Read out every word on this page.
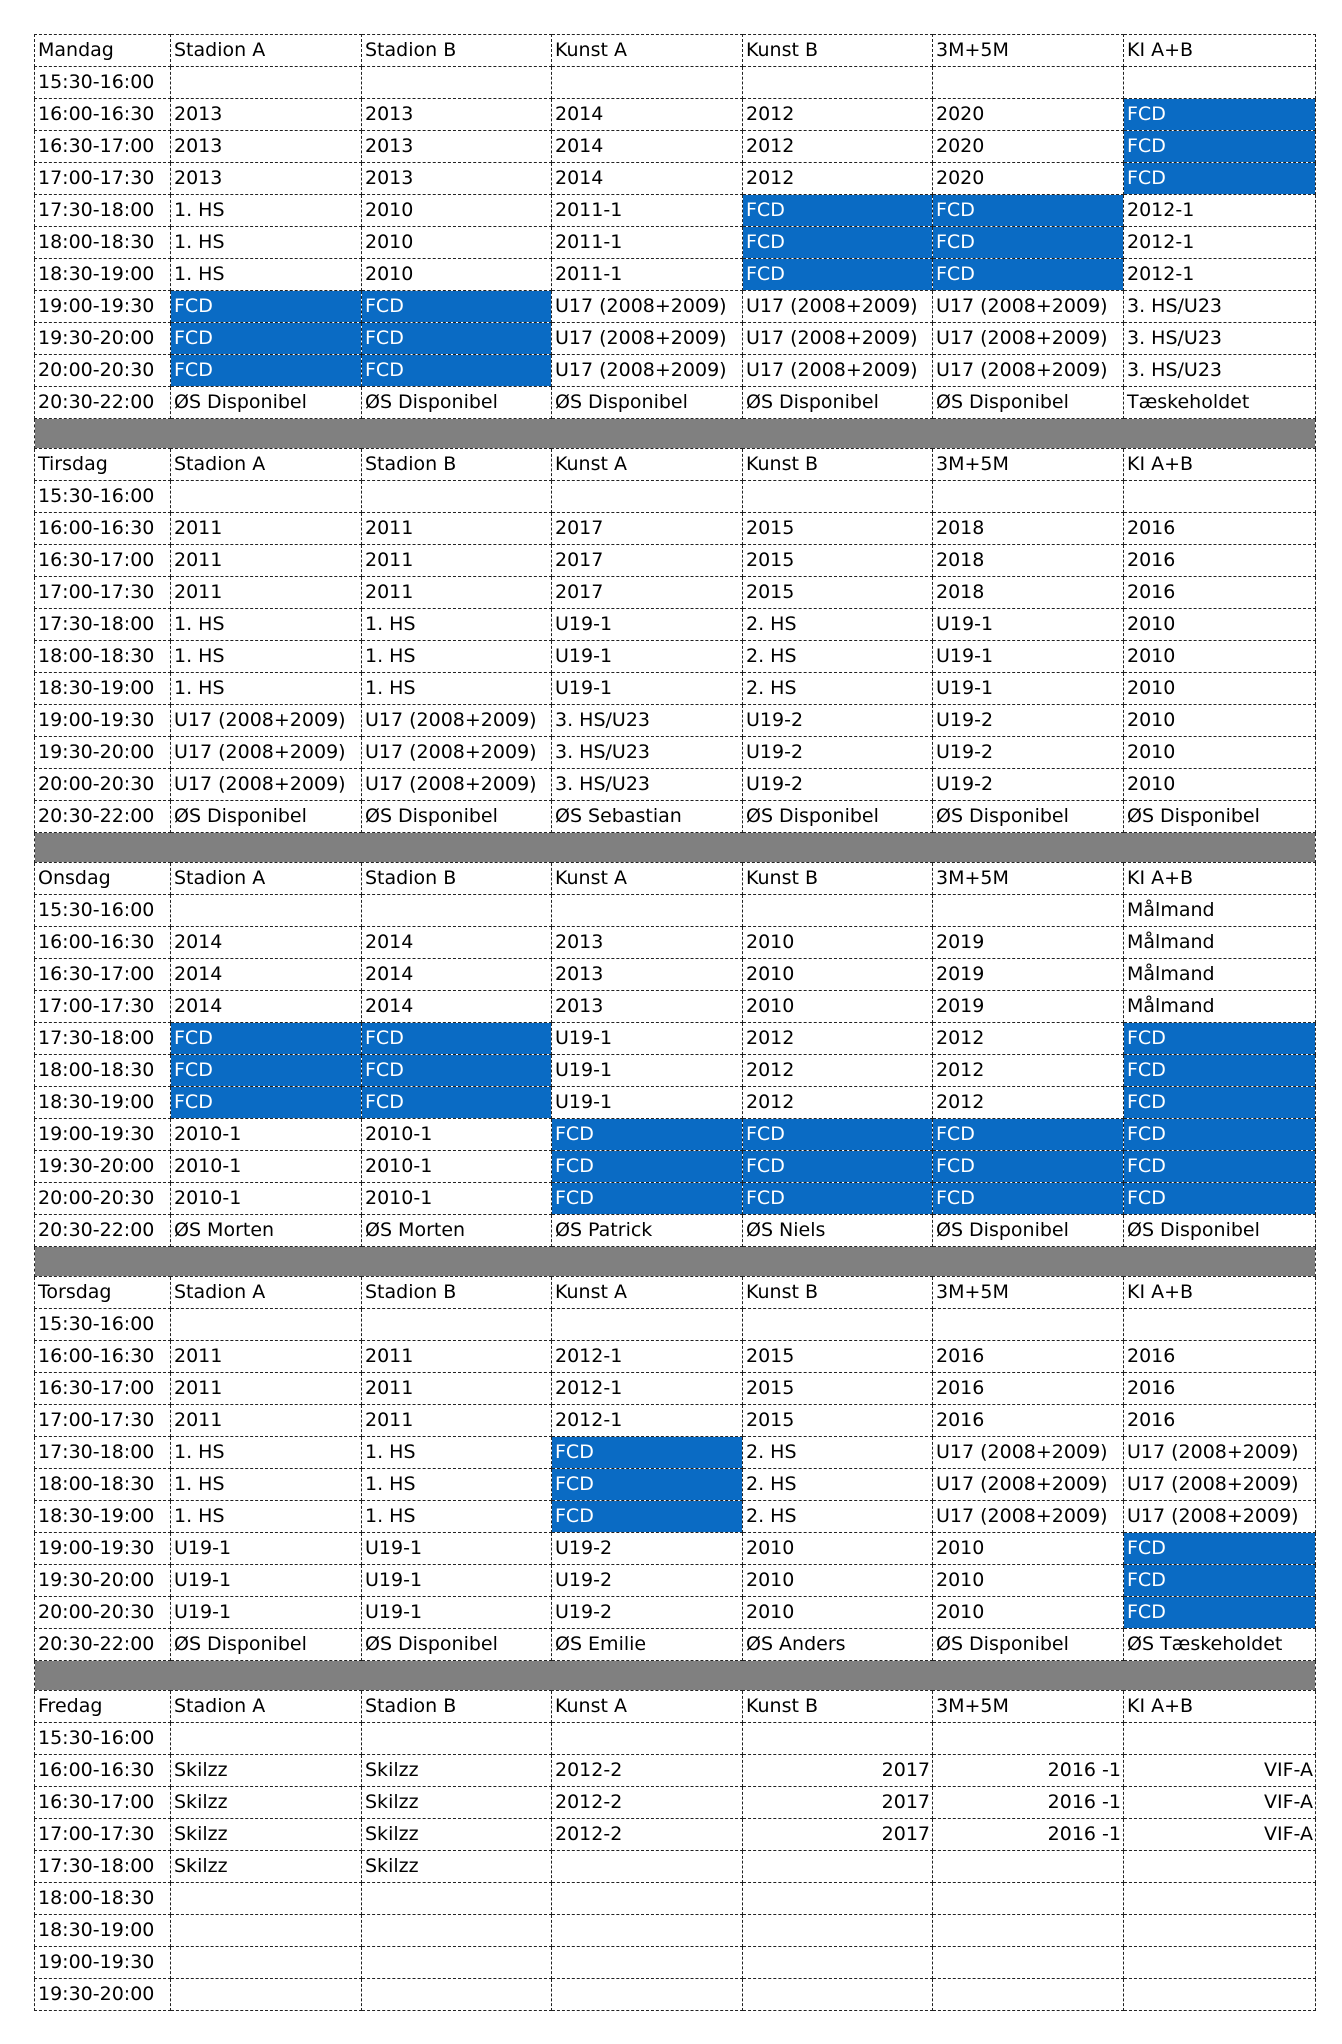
Mandag	Stadion A	Stadion B	Kunst A	Kunst B	3M+5M	KI A+B
15:30-16:00						
16:00-16:30	2013	2013	2014	2012	2020	FCD
16:30-17:00	2013	2013	2014	2012	2020	FCD
17:00-17:30	2013	2013	2014	2012	2020	FCD
17:30-18:00	1. HS	2010	2011-1	FCD	FCD	2012-1
18:00-18:30	1. HS	2010	2011-1	FCD	FCD	2012-1
18:30-19:00	1. HS	2010	2011-1	FCD	FCD	2012-1
19:00-19:30	FCD	FCD	U17 (2008+2009)	U17 (2008+2009)	U17 (2008+2009)	3. HS/U23
19:30-20:00	FCD	FCD	U17 (2008+2009)	U17 (2008+2009)	U17 (2008+2009)	3. HS/U23
20:00-20:30	FCD	FCD	U17 (2008+2009)	U17 (2008+2009)	U17 (2008+2009)	3. HS/U23
20:30-22:00	ØS Disponibel	ØS Disponibel	ØS Disponibel	ØS Disponibel	ØS Disponibel	Tæskeholdet

Tirsdag	Stadion A	Stadion B	Kunst A	Kunst B	3M+5M	KI A+B
15:30-16:00						
16:00-16:30	2011	2011	2017	2015	2018	2016
16:30-17:00	2011	2011	2017	2015	2018	2016
17:00-17:30	2011	2011	2017	2015	2018	2016
17:30-18:00	1. HS	1. HS	U19-1	2. HS	U19-1	2010
18:00-18:30	1. HS	1. HS	U19-1	2. HS	U19-1	2010
18:30-19:00	1. HS	1. HS	U19-1	2. HS	U19-1	2010
19:00-19:30	U17 (2008+2009)	U17 (2008+2009)	3. HS/U23	U19-2	U19-2	2010
19:30-20:00	U17 (2008+2009)	U17 (2008+2009)	3. HS/U23	U19-2	U19-2	2010
20:00-20:30	U17 (2008+2009)	U17 (2008+2009)	3. HS/U23	U19-2	U19-2	2010
20:30-22:00	ØS Disponibel	ØS Disponibel	ØS Sebastian	ØS Disponibel	ØS Disponibel	ØS Disponibel

Onsdag	Stadion A	Stadion B	Kunst A	Kunst B	3M+5M	KI A+B
15:30-16:00						Målmand
16:00-16:30	2014	2014	2013	2010	2019	Målmand
16:30-17:00	2014	2014	2013	2010	2019	Målmand
17:00-17:30	2014	2014	2013	2010	2019	Målmand
17:30-18:00	FCD	FCD	U19-1	2012	2012	FCD
18:00-18:30	FCD	FCD	U19-1	2012	2012	FCD
18:30-19:00	FCD	FCD	U19-1	2012	2012	FCD
19:00-19:30	2010-1	2010-1	FCD	FCD	FCD	FCD
19:30-20:00	2010-1	2010-1	FCD	FCD	FCD	FCD
20:00-20:30	2010-1	2010-1	FCD	FCD	FCD	FCD
20:30-22:00	ØS Morten	ØS Morten	ØS Patrick	ØS Niels	ØS Disponibel	ØS Disponibel

Torsdag	Stadion A	Stadion B	Kunst A	Kunst B	3M+5M	KI A+B
15:30-16:00						
16:00-16:30	2011	2011	2012-1	2015	2016	2016
16:30-17:00	2011	2011	2012-1	2015	2016	2016
17:00-17:30	2011	2011	2012-1	2015	2016	2016
17:30-18:00	1. HS	1. HS	FCD	2. HS	U17 (2008+2009)	U17 (2008+2009)
18:00-18:30	1. HS	1. HS	FCD	2. HS	U17 (2008+2009)	U17 (2008+2009)
18:30-19:00	1. HS	1. HS	FCD	2. HS	U17 (2008+2009)	U17 (2008+2009)
19:00-19:30	U19-1	U19-1	U19-2	2010	2010	FCD
19:30-20:00	U19-1	U19-1	U19-2	2010	2010	FCD
20:00-20:30	U19-1	U19-1	U19-2	2010	2010	FCD
20:30-22:00	ØS Disponibel	ØS Disponibel	ØS Emilie	ØS Anders	ØS Disponibel	ØS Tæskeholdet

Fredag	Stadion A	Stadion B	Kunst A	Kunst B	3M+5M	KI A+B
15:30-16:00						
16:00-16:30	Skilzz	Skilzz	2012-2	2017	2016 -1	VIF-A
16:30-17:00	Skilzz	Skilzz	2012-2	2017	2016 -1	VIF-A
17:00-17:30	Skilzz	Skilzz	2012-2	2017	2016 -1	VIF-A
17:30-18:00	Skilzz	Skilzz				
18:00-18:30						
18:30-19:00						
19:00-19:30						
19:30-20:00						
